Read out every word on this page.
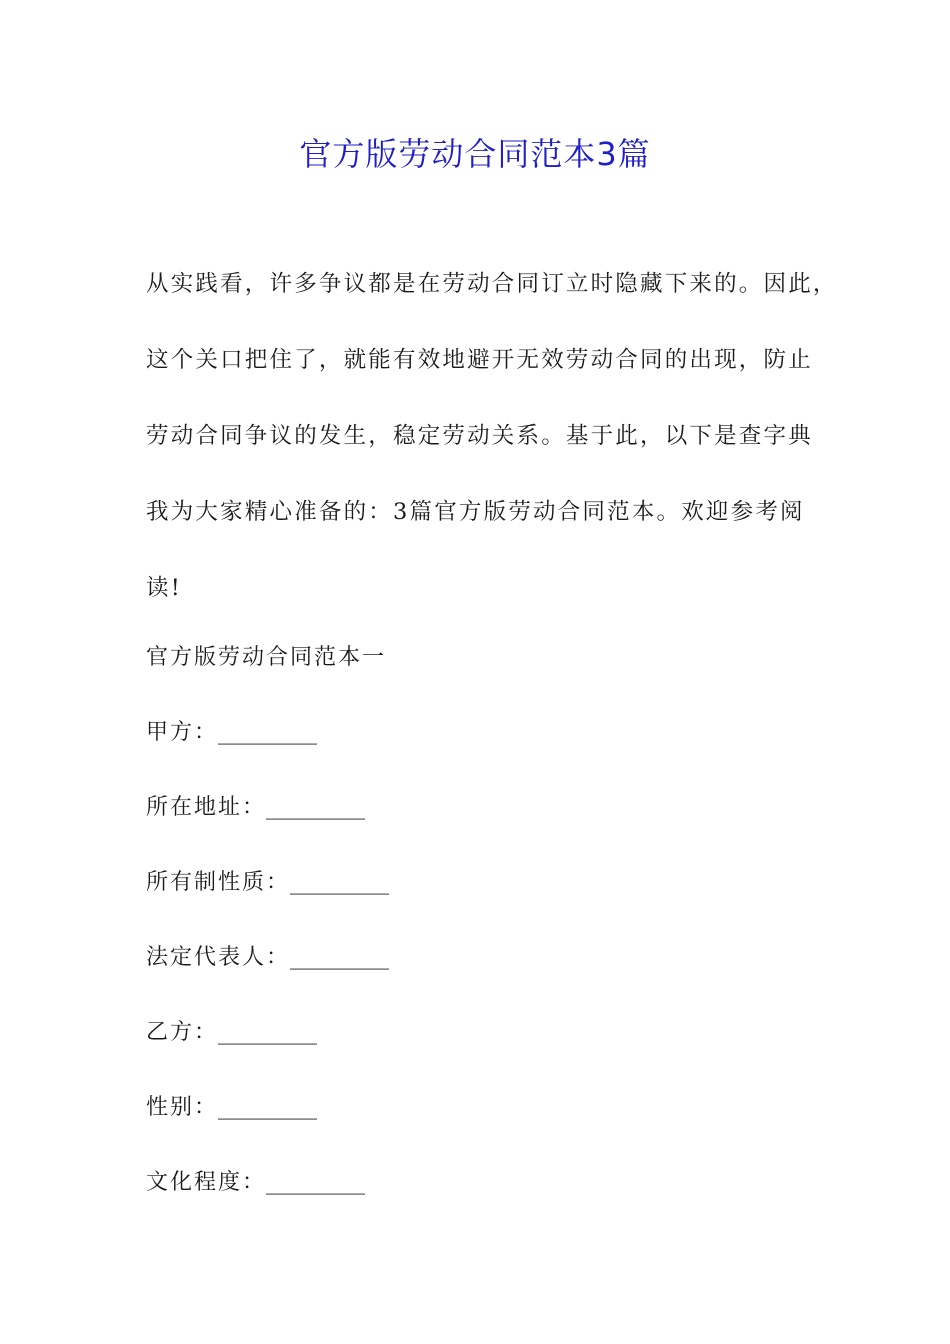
官方版劳动合同范本3篇
从实践看，许多争议都是在劳动合同订立时隐藏下来的。因此，
这个关口把住了，就能有效地避开无效劳动合同的出现，防止
劳动合同争议的发生，稳定劳动关系。基于此，以下是查字典
我为大家精心准备的：3篇官方版劳动合同范本。欢迎参考阅
读!
官方版劳动合同范本一
甲方：_________
所在地址：_________
所有制性质：_________
法定代表人：_________
乙方：_________
性别：_________
文化程度：_________
